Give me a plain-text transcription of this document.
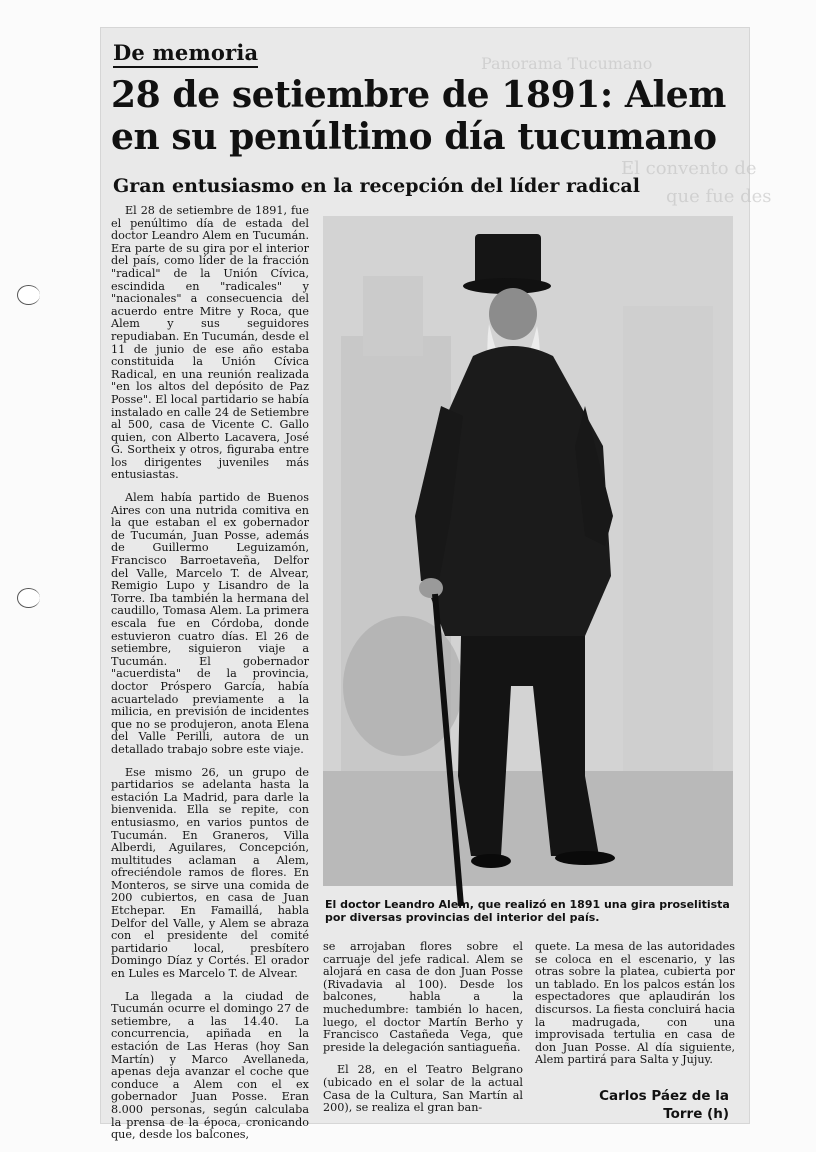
Panorama Tucumano
El convento de
que fue des
De memoria
28 de setiembre de 1891: Alem en su penúltimo día tucumano
Gran entusiasmo en la recepción del líder radical

El 28 de setiembre de 1891, fue el penúltimo día de estada del doctor Leandro Alem en Tucumán. Era parte de su gira por el interior del país, como líder de la fracción "radical" de la Unión Cívica, escindida en "radicales" y "nacionales" a consecuencia del acuerdo entre Mitre y Roca, que Alem y sus seguidores repudiaban. En Tucumán, desde el 11 de junio de ese año estaba constituida la Unión Cívica Radical, en una reunión realizada "en los altos del depósito de Paz Posse". El local partidario se había instalado en calle 24 de Setiembre al 500, casa de Vicente C. Gallo quien, con Alberto Lacavera, José G. Sortheix y otros, figuraba entre los dirigentes juveniles más entusiastas.

Alem había partido de Buenos Aires con una nutrida comitiva en la que estaban el ex gobernador de Tucumán, Juan Posse, además de Guillermo Leguizamón, Francisco Barroetaveña, Delfor del Valle, Marcelo T. de Alvear, Remigio Lupo y Lisandro de la Torre. Iba también la hermana del caudillo, Tomasa Alem. La primera escala fue en Córdoba, donde estuvieron cuatro días. El 26 de setiembre, siguieron viaje a Tucumán. El gobernador "acuerdista" de la provincia, doctor Próspero García, había acuartelado previamente a la milicia, en previsión de incidentes que no se produjeron, anota Elena del Valle Perilli, autora de un detallado trabajo sobre este viaje.

Ese mismo 26, un grupo de partidarios se adelanta hasta la estación La Madrid, para darle la bienvenida. Ella se repite, con entusiasmo, en varios puntos de Tucumán. En Graneros, Villa Alberdi, Aguilares, Concepción, multitudes aclaman a Alem, ofreciéndole ramos de flores. En Monteros, se sirve una comida de 200 cubiertos, en casa de Juan Etchepar. En Famaillá, habla Delfor del Valle, y Alem se abraza con el presidente del comité partidario local, presbítero Domingo Díaz y Cortés. El orador en Lules es Marcelo T. de Alvear.

La llegada a la ciudad de Tucumán ocurre el domingo 27 de setiembre, a las 14.40. La concurrencia, apiñada en la estación de Las Heras (hoy San Martín) y Marco Avellaneda, apenas deja avanzar el coche que conduce a Alem con el ex gobernador Juan Posse. Eran 8.000 personas, según calculaba la prensa de la época, cronicando que, desde los balcones,

El doctor Leandro Alem, que realizó en 1891 una gira proselitista por diversas provincias del interior del país.

se arrojaban flores sobre el carruaje del jefe radical. Alem se alojará en casa de don Juan Posse (Rivadavia al 100). Desde los balcones, habla a la muchedumbre: también lo hacen, luego, el doctor Martín Berho y Francisco Castañeda Vega, que preside la delegación santiagueña.

El 28, en el Teatro Belgrano (ubicado en el solar de la actual Casa de la Cultura, San Martín al 200), se realiza el gran ban-

quete. La mesa de las autoridades se coloca en el escenario, y las otras sobre la platea, cubierta por un tablado. En los palcos están los espectadores que aplaudirán los discursos. La fiesta concluirá hacia la madrugada, con una improvisada tertulia en casa de don Juan Posse. Al día siguiente, Alem partirá para Salta y Jujuy.

Carlos Páez de la
Torre (h)
